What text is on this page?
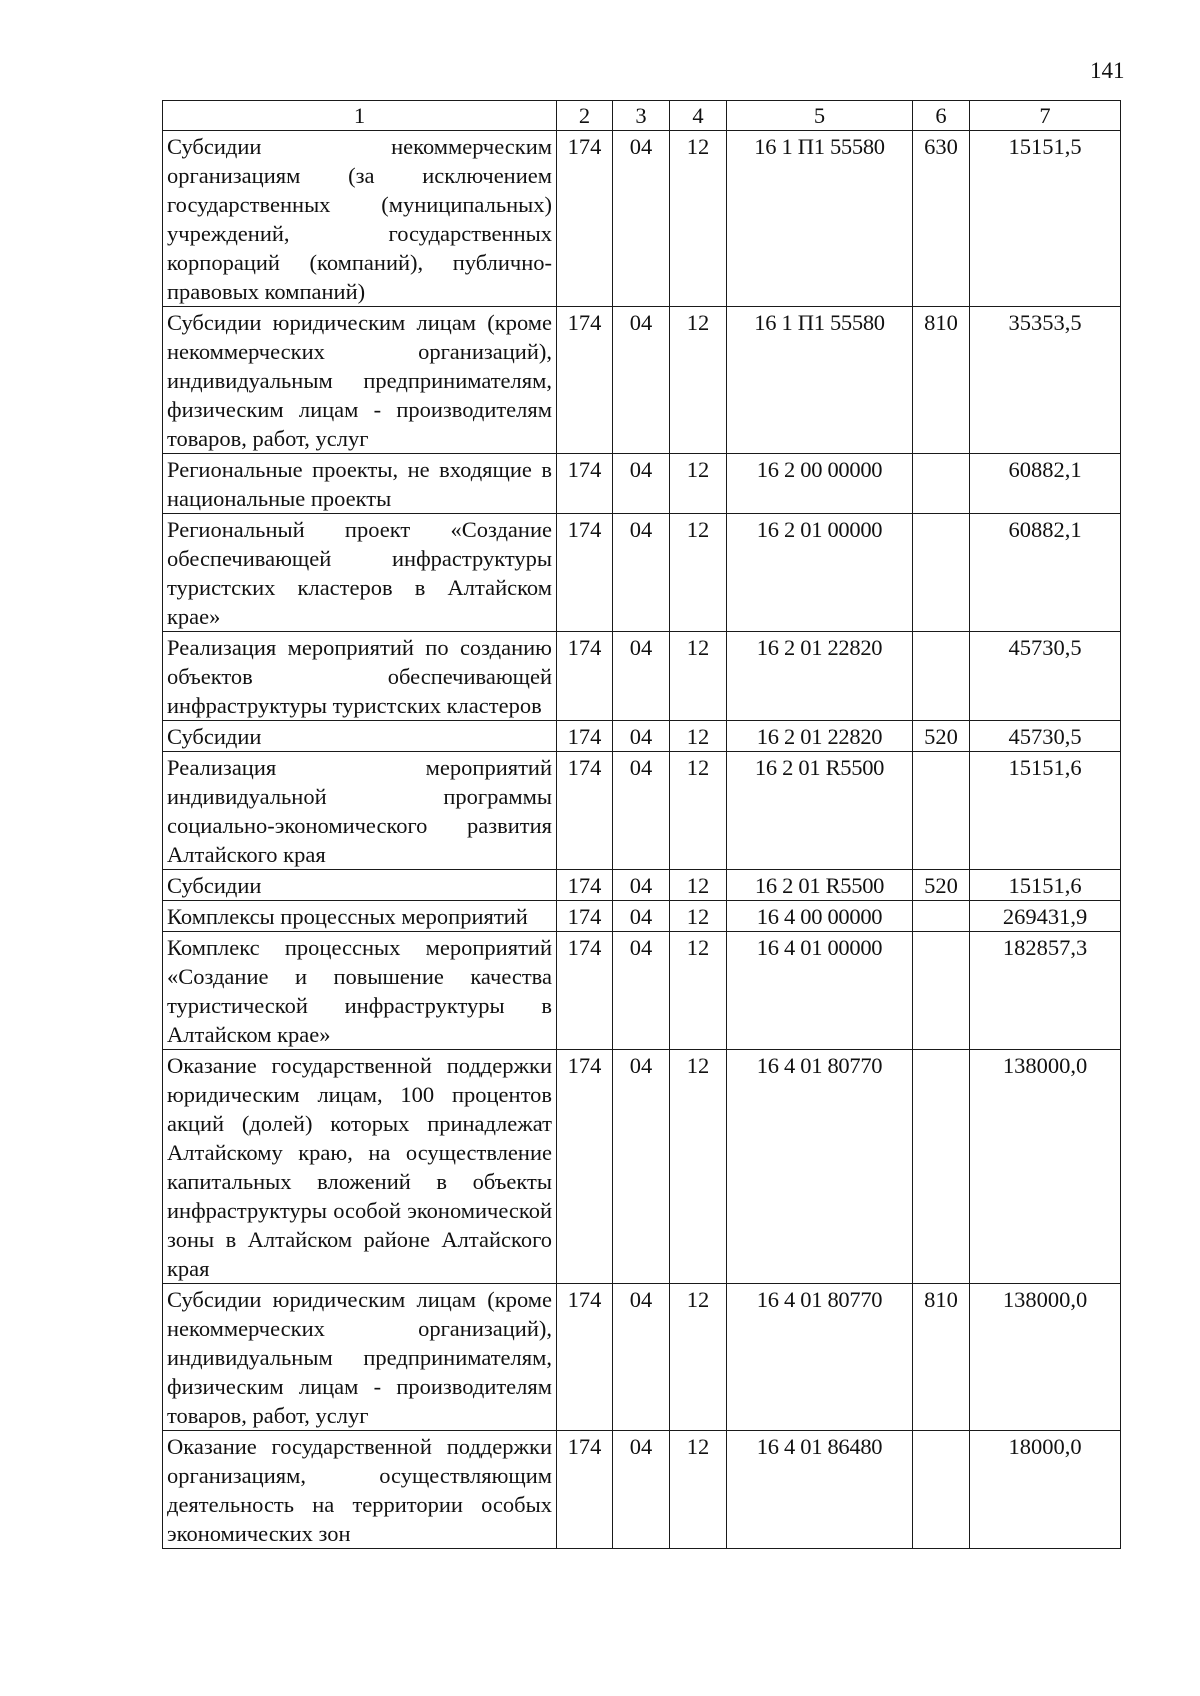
141
1	2	3	4	5	6	7
Субсидии некоммерческим организациям (за исключением государственных (муниципальных) учреждений, государственных корпораций (компаний), публично-правовых компаний)	174	04	12	16 1 П1 55580	630	15151,5
Субсидии юридическим лицам (кроме некоммерческих организаций), индивидуальным предпринимателям, физическим лицам - производителям товаров, работ, услуг	174	04	12	16 1 П1 55580	810	35353,5
Региональные проекты, не входящие в национальные проекты	174	04	12	16 2 00 00000		60882,1
Региональный проект «Создание обеспечивающей инфраструктуры туристских кластеров в Алтайском крае»	174	04	12	16 2 01 00000		60882,1
Реализация мероприятий по созданию объектов обеспечивающей инфраструктуры туристских кластеров	174	04	12	16 2 01 22820		45730,5
Субсидии	174	04	12	16 2 01 22820	520	45730,5
Реализация мероприятий индивидуальной программы социально-экономического развития Алтайского края	174	04	12	16 2 01 R5500		15151,6
Субсидии	174	04	12	16 2 01 R5500	520	15151,6
Комплексы процессных мероприятий	174	04	12	16 4 00 00000		269431,9
Комплекс процессных мероприятий «Создание и повышение качества туристической инфраструктуры в Алтайском крае»	174	04	12	16 4 01 00000		182857,3
Оказание государственной поддержки юридическим лицам, 100 процентов акций (долей) которых принадлежат Алтайскому краю, на осуществление капитальных вложений в объекты инфраструктуры особой экономической зоны в Алтайском районе Алтайского края	174	04	12	16 4 01 80770		138000,0
Субсидии юридическим лицам (кроме некоммерческих организаций), индивидуальным предпринимателям, физическим лицам - производителям товаров, работ, услуг	174	04	12	16 4 01 80770	810	138000,0
Оказание государственной поддержки организациям, осуществляющим деятельность на территории особых экономических зон	174	04	12	16 4 01 86480		18000,0
